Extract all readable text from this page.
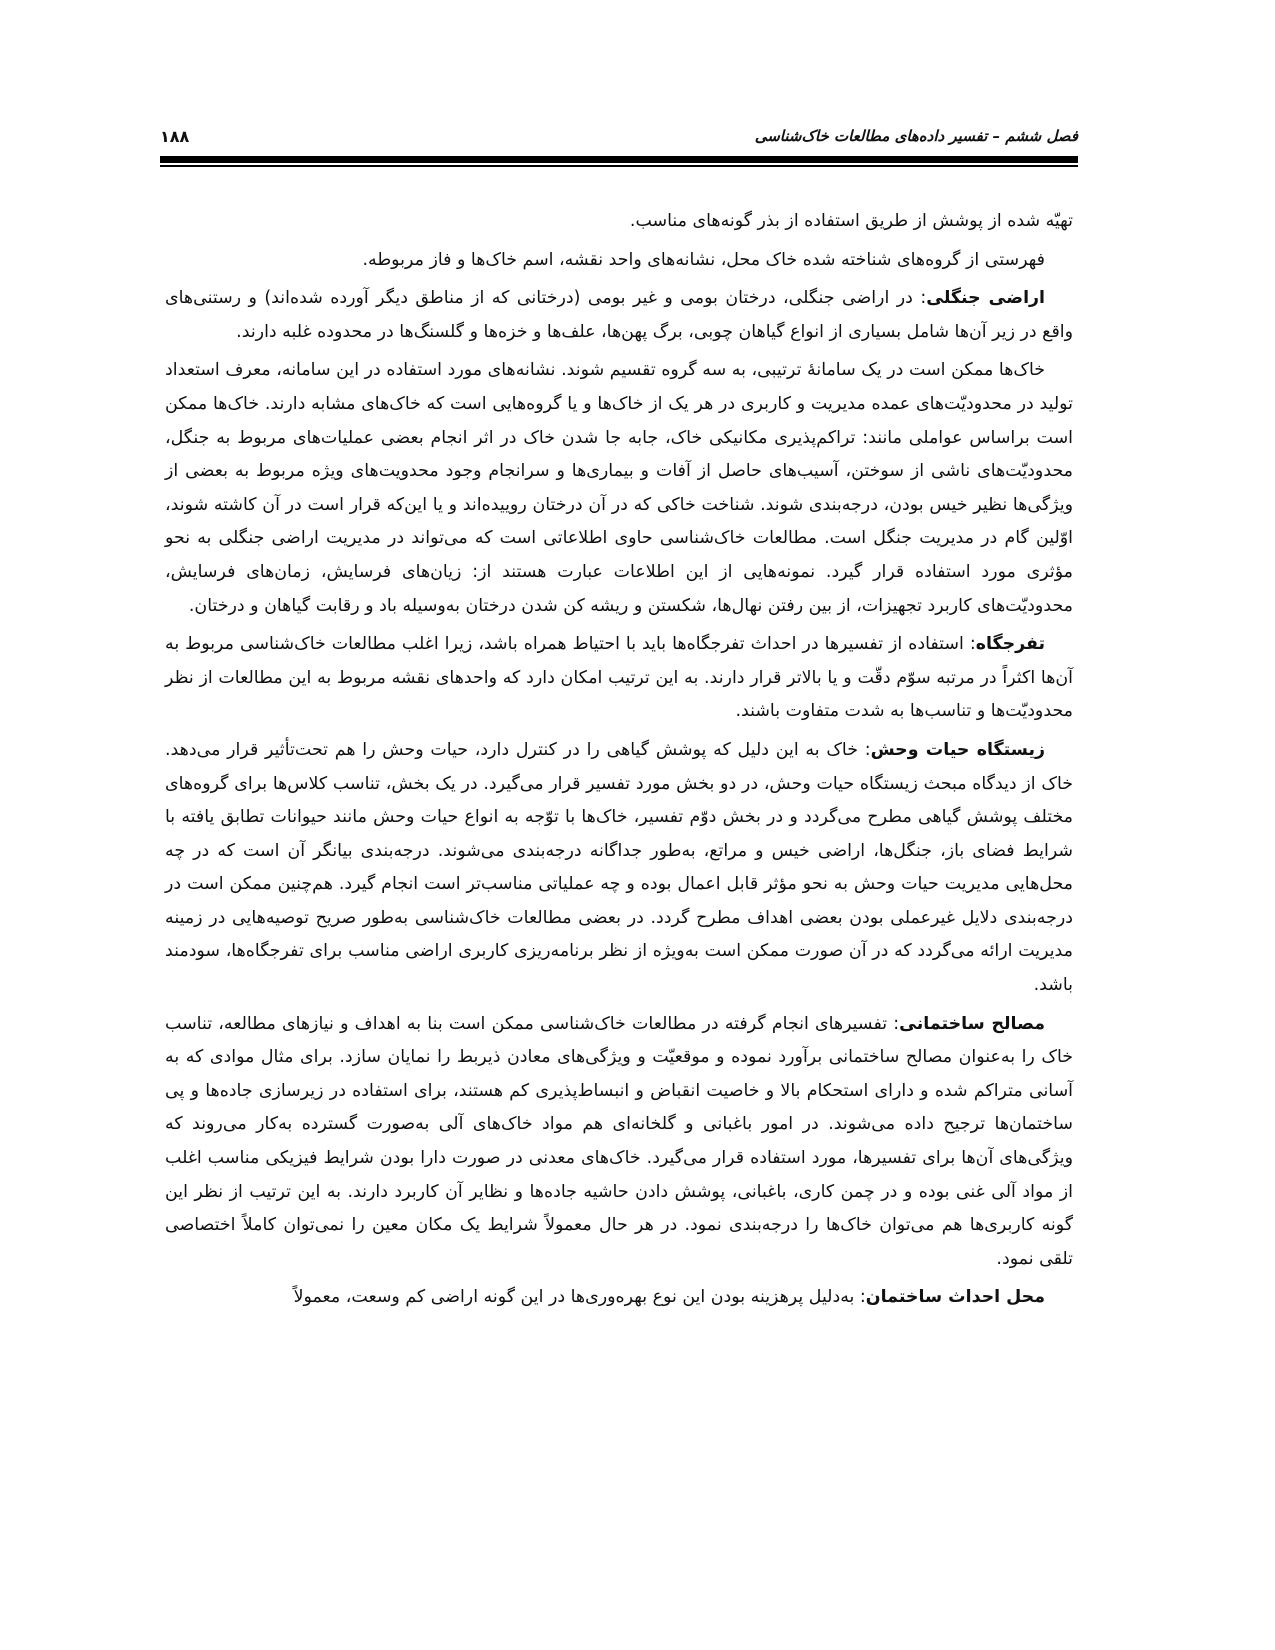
فصل ششم – تفسیر داده‌های مطالعات خاک‌شناسی
۱۸۸

تهیّه شده از پوشش از طریق استفاده از بذر گونه‌های مناسب.

فهرستی از گروه‌های شناخته شده خاک محل، نشانه‌های واحد نقشه، اسم خاک‌ها و فاز مربوطه.

اراضی جنگلی: در اراضی جنگلی، درختان بومی و غیر بومی (درختانی که از مناطق دیگر آورده شده‌اند) و رستنی‌های واقع در زیر آن‌ها شامل بسیاری از انواع گیاهان چوبی، برگ پهن‌ها، علف‌ها و خزه‌ها و گلسنگ‌ها در محدوده غلبه دارند.

خاک‌ها ممکن است در یک سامانهٔ ترتیبی، به سه گروه تقسیم شوند. نشانه‌های مورد استفاده در این سامانه، معرف استعداد تولید در محدودیّت‌های عمده مدیریت و کاربری در هر یک از خاک‌ها و یا گروه‌هایی است که خاک‌های مشابه دارند. خاک‌ها ممکن است براساس عواملی مانند: تراکم‌پذیری مکانیکی خاک، جابه جا شدن خاک در اثر انجام بعضی عملیات‌های مربوط به جنگل، محدودیّت‌های ناشی از سوختن، آسیب‌های حاصل از آفات و بیماری‌ها و سرانجام وجود محدویت‌های ویژه مربوط به بعضی از ویژگی‌ها نظیر خیس بودن، درجه‌بندی شوند. شناخت خاکی که در آن درختان روییده‌اند و یا این‌که قرار است در آن کاشته شوند، اوّلین گام در مدیریت جنگل است. مطالعات خاک‌شناسی حاوی اطلاعاتی است که می‌تواند در مدیریت اراضی جنگلی به نحو مؤثری مورد استفاده قرار گیرد. نمونه‌هایی از این اطلاعات عبارت هستند از: زیان‌های فرسایش، زمان‌های فرسایش، محدودیّت‌های کاربرد تجهیزات، از بین رفتن نهال‌ها، شکستن و ریشه کن شدن درختان به‌وسیله باد و رقابت گیاهان و درختان.

تفرجگاه: استفاده از تفسیرها در احداث تفرجگاه‌ها باید با احتیاط همراه باشد، زیرا اغلب مطالعات خاک‌شناسی مربوط به آن‌ها اکثراً در مرتبه سوّم دقّت و یا بالاتر قرار دارند. به این ترتیب امکان دارد که واحدهای نقشه مربوط به این مطالعات از نظر محدودیّت‌ها و تناسب‌ها به شدت متفاوت باشند.

زیستگاه حیات وحش: خاک به این دلیل که پوشش گیاهی را در کنترل دارد، حیات وحش را هم تحت‌تأثیر قرار می‌دهد. خاک از دیدگاه مبحث زیستگاه حیات وحش، در دو بخش مورد تفسیر قرار می‌گیرد. در یک بخش، تناسب کلاس‌ها برای گروه‌های مختلف پوشش گیاهی مطرح می‌گردد و در بخش دوّم تفسیر، خاک‌ها با توّجه به انواع حیات وحش مانند حیوانات تطابق یافته با شرایط فضای باز، جنگل‌ها، اراضی خیس و مراتع، به‌طور جداگانه درجه‌بندی می‌شوند. درجه‌بندی بیانگر آن است که در چه محل‌هایی مدیریت حیات وحش به نحو مؤثر قابل اعمال بوده و چه عملیاتی مناسب‌تر است انجام گیرد. هم‌چنین ممکن است در درجه‌بندی دلایل غیرعملی بودن بعضی اهداف مطرح گردد. در بعضی مطالعات خاک‌شناسی به‌طور صریح توصیه‌هایی در زمینه مدیریت ارائه می‌گردد که در آن صورت ممکن است به‌ویژه از نظر برنامه‌ریزی کاربری اراضی مناسب برای تفرجگاه‌ها، سودمند باشد.

مصالح ساختمانی: تفسیرهای انجام گرفته در مطالعات خاک‌شناسی ممکن است بنا به اهداف و نیازهای مطالعه، تناسب خاک را به‌عنوان مصالح ساختمانی برآورد نموده و موقعیّت و ویژگی‌های معادن ذیربط را نمایان سازد. برای مثال موادی که به آسانی متراکم شده و دارای استحکام بالا و خاصیت انقباض و انبساط‌پذیری کم هستند، برای استفاده در زیرسازی جاده‌ها و پی ساختمان‌ها ترجیح داده می‌شوند. در امور باغبانی و گلخانه‌ای هم مواد خاک‌های آلی به‌صورت گسترده به‌کار می‌روند که ویژگی‌های آن‌ها برای تفسیرها، مورد استفاده قرار می‌گیرد. خاک‌های معدنی در صورت دارا بودن شرایط فیزیکی مناسب اغلب از مواد آلی غنی بوده و در چمن کاری، باغبانی، پوشش دادن حاشیه جاده‌ها و نظایر آن کاربرد دارند. به این ترتیب از نظر این گونه کاربری‌ها هم می‌توان خاک‌ها را درجه‌بندی نمود. در هر حال معمولاً شرایط یک مکان معین را نمی‌توان کاملاً اختصاصی تلقی نمود.

محل احداث ساختمان: به‌دلیل پرهزینه بودن این نوع بهره‌وری‌ها در این گونه اراضی کم وسعت، معمولاً
